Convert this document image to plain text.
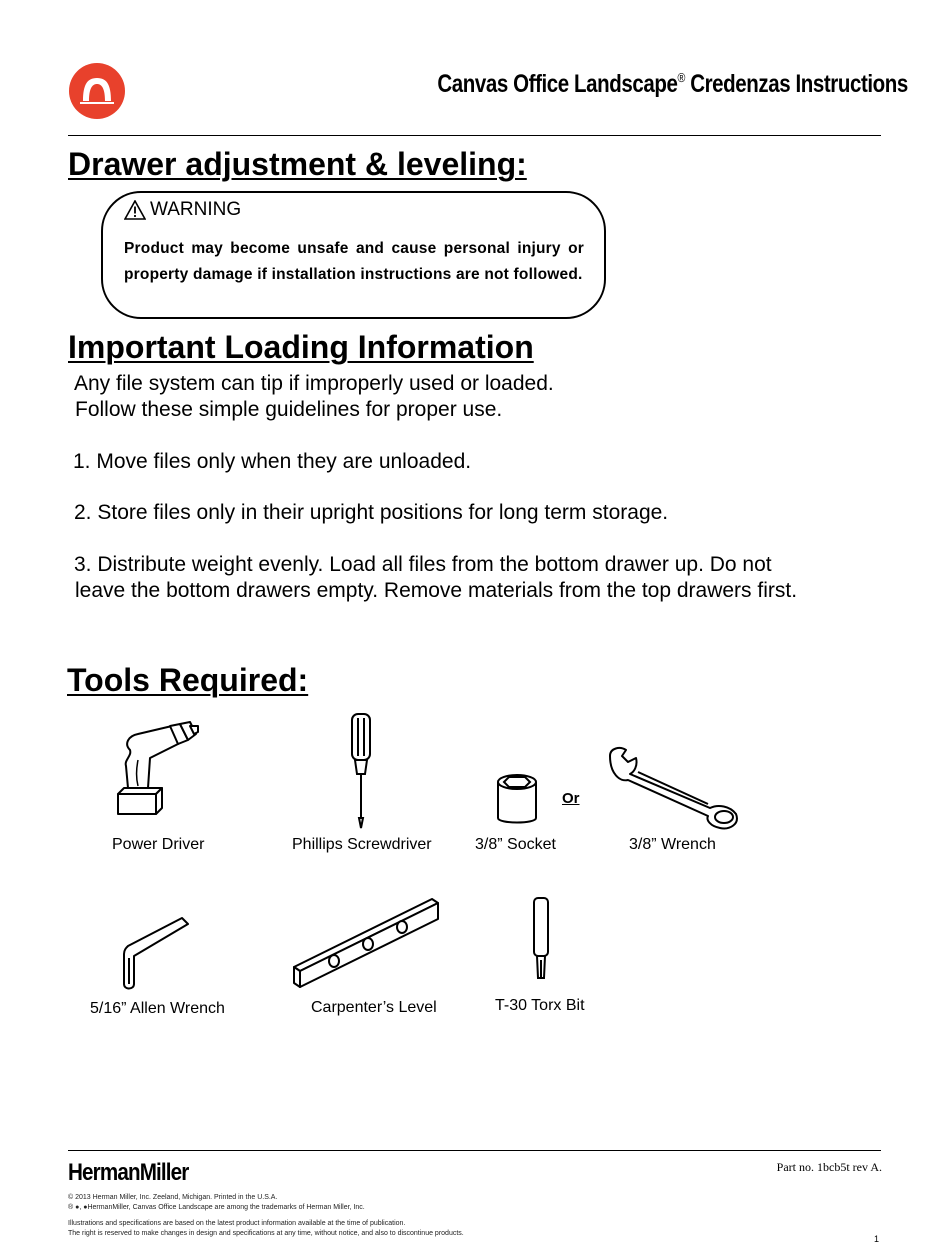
Canvas Office Landscape® Credenzas Instructions
Drawer adjustment & leveling:
WARNING
Product may become unsafe and cause personal injury or property damage if installation instructions are not followed.
Important Loading Information
Any file system can tip if improperly used or loaded.
Follow these simple guidelines for proper use.
1. Move files only when they are unloaded.
2. Store files only in their upright positions for long term storage.
3. Distribute weight evenly. Load all files from the bottom drawer up. Do not
leave the bottom drawers empty. Remove materials from the top drawers first.
Tools Required:
Or
Power Driver	Phillips Screwdriver	3/8” Socket	3/8” Wrench
5/16” Allen Wrench	Carpenter’s Level	T-30 Torx Bit
HermanMiller	Part no. 1bcb5t rev A.
© 2013 Herman Miller, Inc. Zeeland, Michigan. Printed in the U.S.A.
® ●, ●HermanMiller, Canvas Office Landscape are among the trademarks of Herman Miller, Inc.
Illustrations and specifications are based on the latest product information available at the time of publication.
The right is reserved to make changes in design and specifications at any time, without notice, and also to discontinue products.
1
